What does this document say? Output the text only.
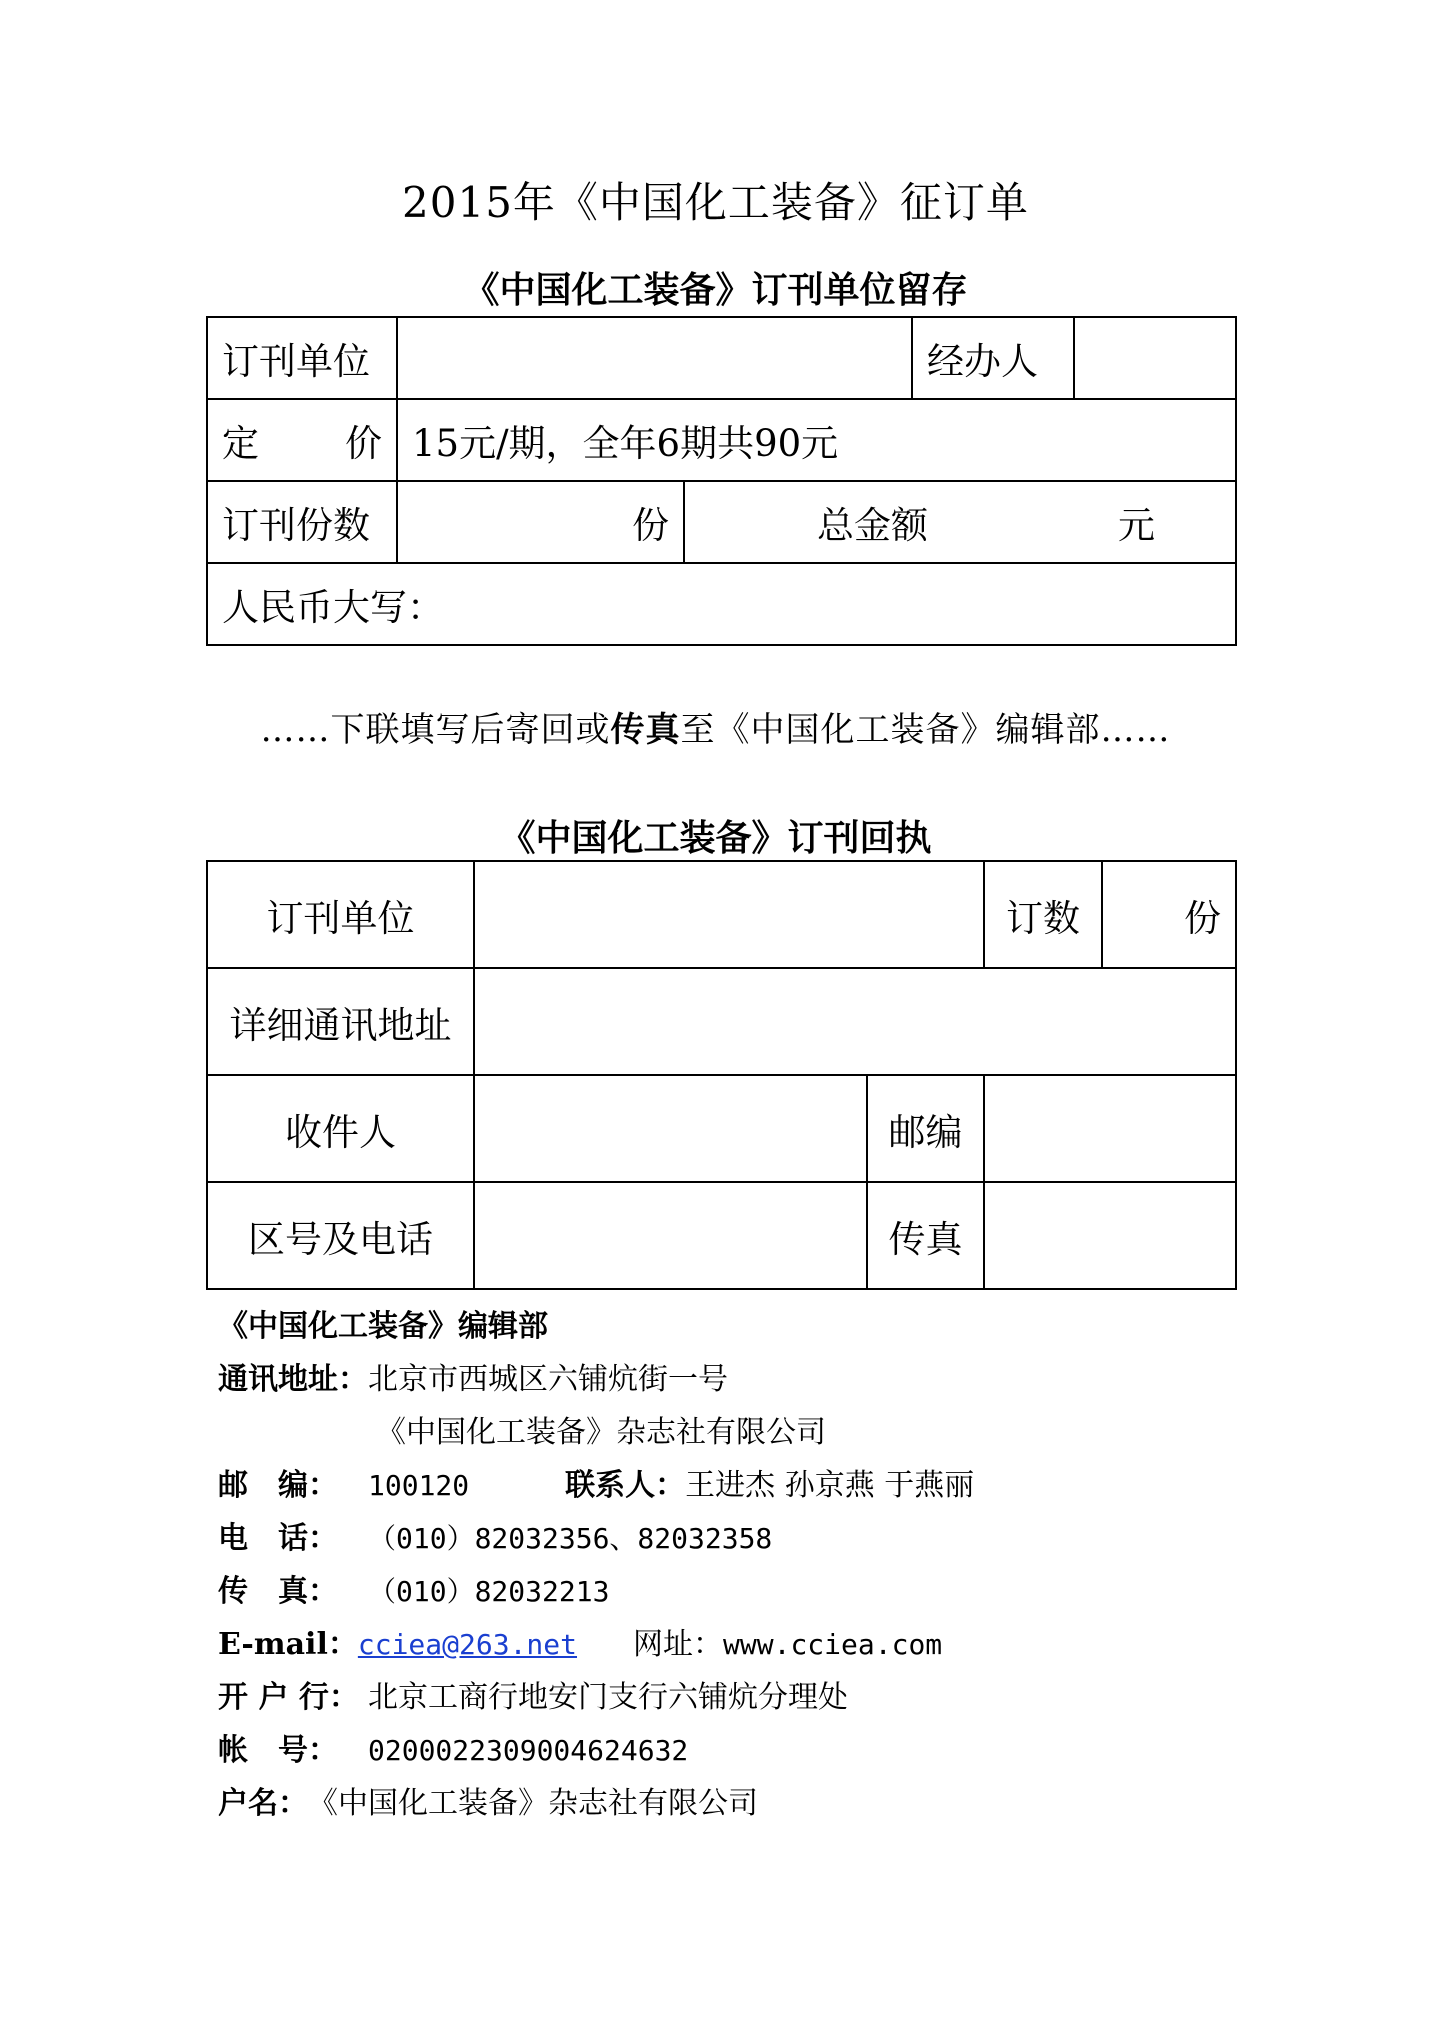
2015年《中国化工装备》征订单
《中国化工装备》订刊单位留存
订刊单位			经办人	

定 价	15元/期，全年6期共90元			
订刊份数	份	总金额 元		
人民币大写：				
……下联填写后寄回或传真至《中国化工装备》编辑部……
《中国化工装备》订刊回执
订刊单位			订数	份
详细通讯地址				
收件人		邮编		
区号及电话		传真		
《中国化工装备》编辑部
通讯地址：北京市西城区六铺炕街一号
《中国化工装备》杂志社有限公司
邮　编： 100120	联系人：王进杰 孙京燕 于燕丽
电　话： （010）82032356、82032358
传　真： （010）82032213
E-mail：cciea@263.net 网址：www.cciea.com
开 户 行： 北京工商行地安门支行六铺炕分理处
帐　号： 0200022309004624632
户名：《中国化工装备》杂志社有限公司
